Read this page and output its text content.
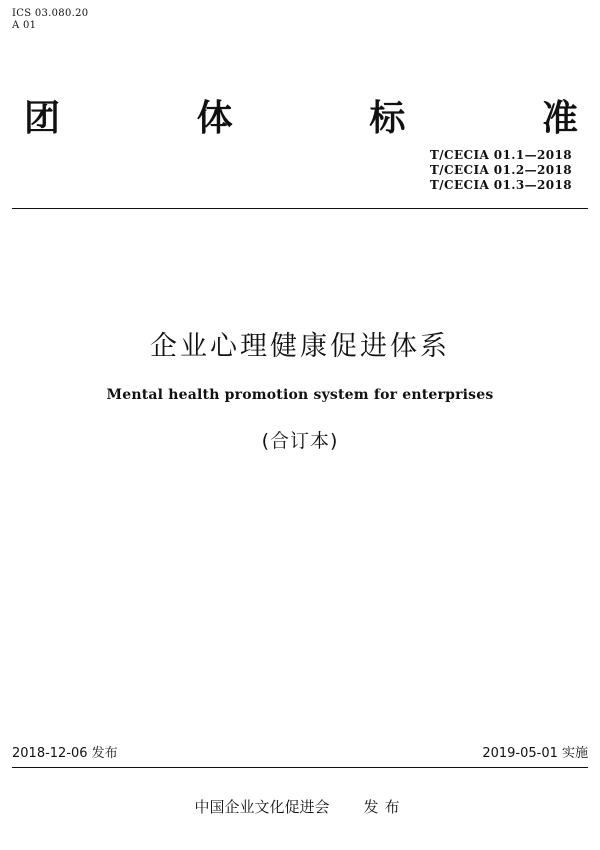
ICS 03.080.20
A 01
团	体	标	准
T/CECIA 01.1—2018
T/CECIA 01.2—2018
T/CECIA 01.3—2018
企业心理健康促进体系
Mental health promotion system for enterprises
(合订本)
2018-12-06 发布	2019-05-01 实施
中国企业文化促进会 发布
